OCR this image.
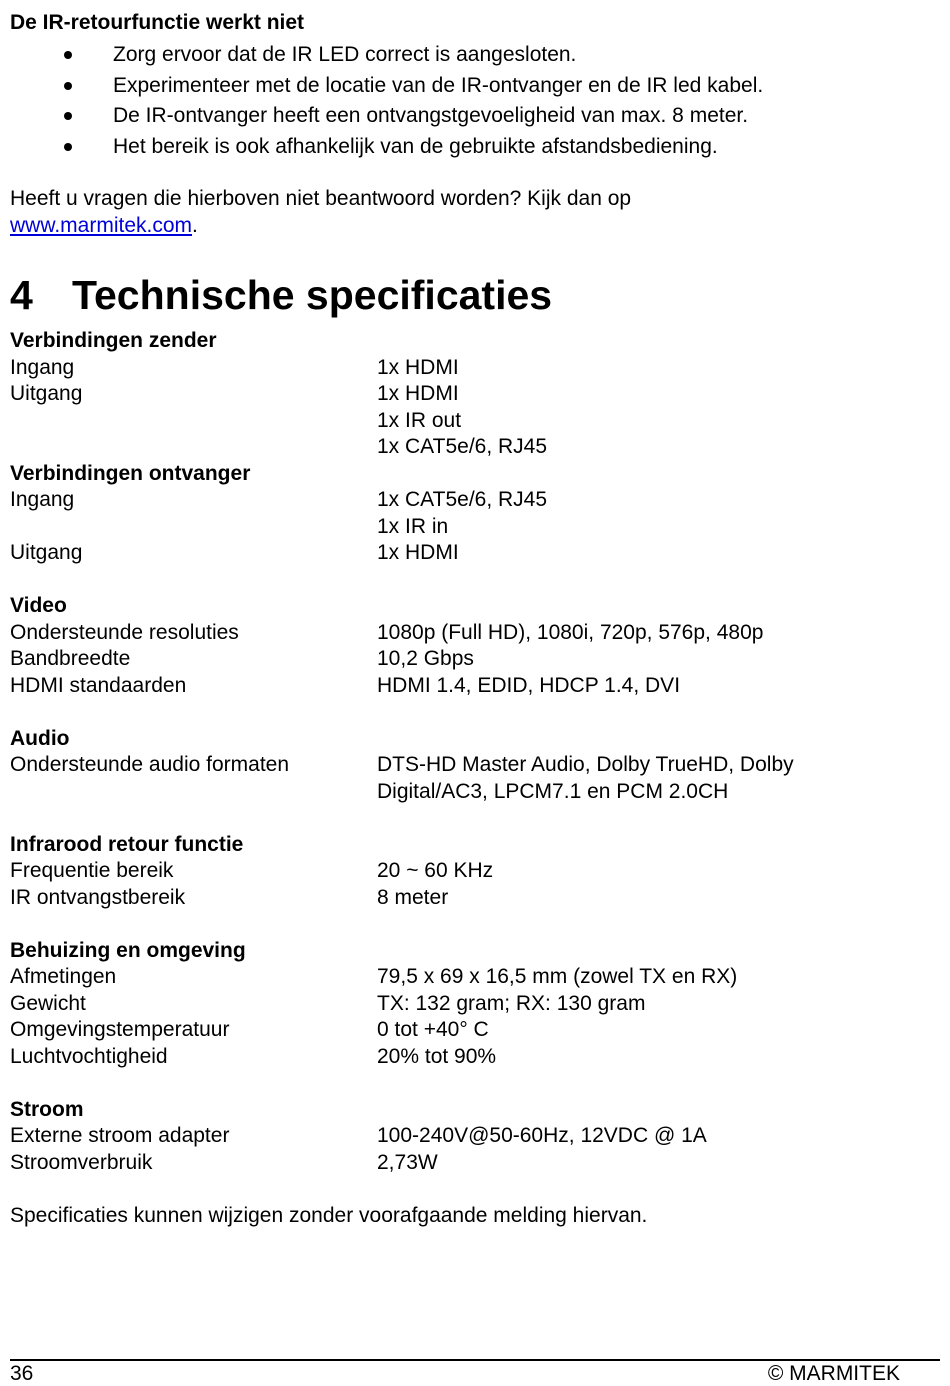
De IR-retourfunctie werkt niet
Zorg ervoor dat de IR LED correct is aangesloten.
Experimenteer met de locatie van de IR-ontvanger en de IR led kabel.
De IR-ontvanger heeft een ontvangstgevoeligheid van max. 8 meter.
Het bereik is ook afhankelijk van de gebruikte afstandsbediening.
Heeft u vragen die hierboven niet beantwoord worden? Kijk dan op
www.marmitek.com.
4 Technische specificaties
Verbindingen zender
Ingang	1x HDMI
Uitgang	1x HDMI
1x IR out
1x CAT5e/6, RJ45
Verbindingen ontvanger
Ingang	1x CAT5e/6, RJ45
1x IR in
Uitgang	1x HDMI
Video
Ondersteunde resoluties	1080p (Full HD), 1080i, 720p, 576p, 480p
Bandbreedte	10,2 Gbps
HDMI standaarden	HDMI 1.4, EDID, HDCP 1.4, DVI
Audio
Ondersteunde audio formaten	DTS-HD Master Audio, Dolby TrueHD, Dolby
Digital/AC3, LPCM7.1 en PCM 2.0CH
Infrarood retour functie
Frequentie bereik	20 ~ 60 KHz
IR ontvangstbereik	8 meter
Behuizing en omgeving
Afmetingen	79,5 x 69 x 16,5 mm (zowel TX en RX)
Gewicht	TX: 132 gram; RX: 130 gram
Omgevingstemperatuur	0 tot +40° C
Luchtvochtigheid	20% tot 90%
Stroom
Externe stroom adapter	100-240V@50-60Hz, 12VDC @ 1A
Stroomverbruik	2,73W
Specificaties kunnen wijzigen zonder voorafgaande melding hiervan.
36	© MARMITEK
